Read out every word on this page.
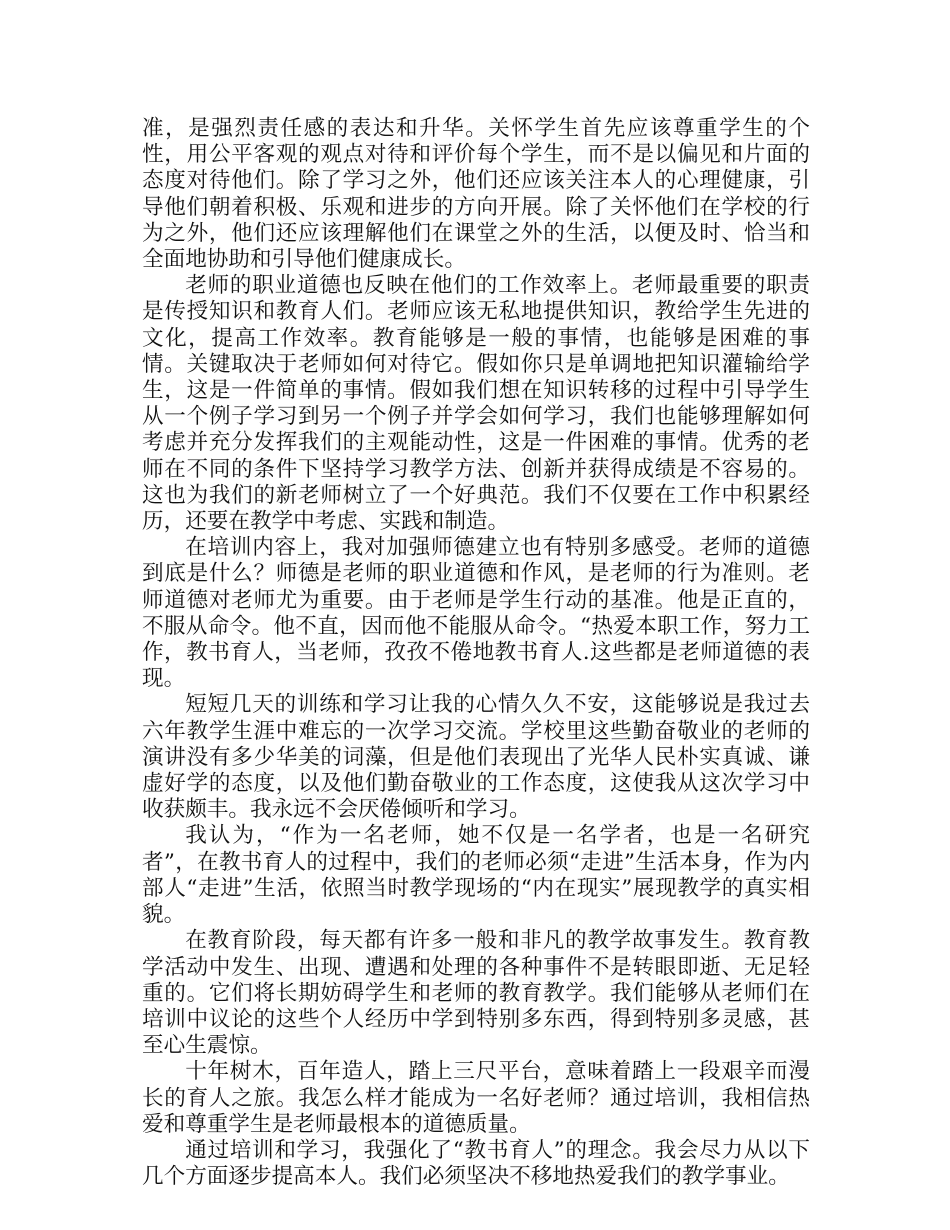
准，是强烈责任感的表达和升华。关怀学生首先应该尊重学生的个性，用公平客观的观点对待和评价每个学生，而不是以偏见和片面的态度对待他们。除了学习之外，他们还应该关注本人的心理健康，引导他们朝着积极、乐观和进步的方向开展。除了关怀他们在学校的行为之外，他们还应该理解他们在课堂之外的生活，以便及时、恰当和全面地协助和引导他们健康成长。

老师的职业道德也反映在他们的工作效率上。老师最重要的职责是传授知识和教育人们。老师应该无私地提供知识，教给学生先进的文化，提高工作效率。教育能够是一般的事情，也能够是困难的事情。关键取决于老师如何对待它。假如你只是单调地把知识灌输给学生，这是一件简单的事情。假如我们想在知识转移的过程中引导学生从一个例子学习到另一个例子并学会如何学习，我们也能够理解如何考虑并充分发挥我们的主观能动性，这是一件困难的事情。优秀的老师在不同的条件下坚持学习教学方法、创新并获得成绩是不容易的。这也为我们的新老师树立了一个好典范。我们不仅要在工作中积累经历，还要在教学中考虑、实践和制造。

在培训内容上，我对加强师德建立也有特别多感受。老师的道德到底是什么？师德是老师的职业道德和作风，是老师的行为准则。老师道德对老师尤为重要。由于老师是学生行动的基准。他是正直的，不服从命令。他不直，因而他不能服从命令。“热爱本职工作，努力工作，教书育人，当老师，孜孜不倦地教书育人.这些都是老师道德的表现。

短短几天的训练和学习让我的心情久久不安，这能够说是我过去六年教学生涯中难忘的一次学习交流。学校里这些勤奋敬业的老师的演讲没有多少华美的词藻，但是他们表现出了光华人民朴实真诚、谦虚好学的态度，以及他们勤奋敬业的工作态度，这使我从这次学习中收获颇丰。我永远不会厌倦倾听和学习。

我认为，“作为一名老师，她不仅是一名学者，也是一名研究者”，在教书育人的过程中，我们的老师必须“走进”生活本身，作为内部人“走进”生活，依照当时教学现场的“内在现实”展现教学的真实相貌。

在教育阶段，每天都有许多一般和非凡的教学故事发生。教育教学活动中发生、出现、遭遇和处理的各种事件不是转眼即逝、无足轻重的。它们将长期妨碍学生和老师的教育教学。我们能够从老师们在培训中议论的这些个人经历中学到特别多东西，得到特别多灵感，甚至心生震惊。

十年树木，百年造人，踏上三尺平台，意味着踏上一段艰辛而漫长的育人之旅。我怎么样才能成为一名好老师？通过培训，我相信热爱和尊重学生是老师最根本的道德质量。

通过培训和学习，我强化了“教书育人”的理念。我会尽力从以下几个方面逐步提高本人。我们必须坚决不移地热爱我们的教学事业。
